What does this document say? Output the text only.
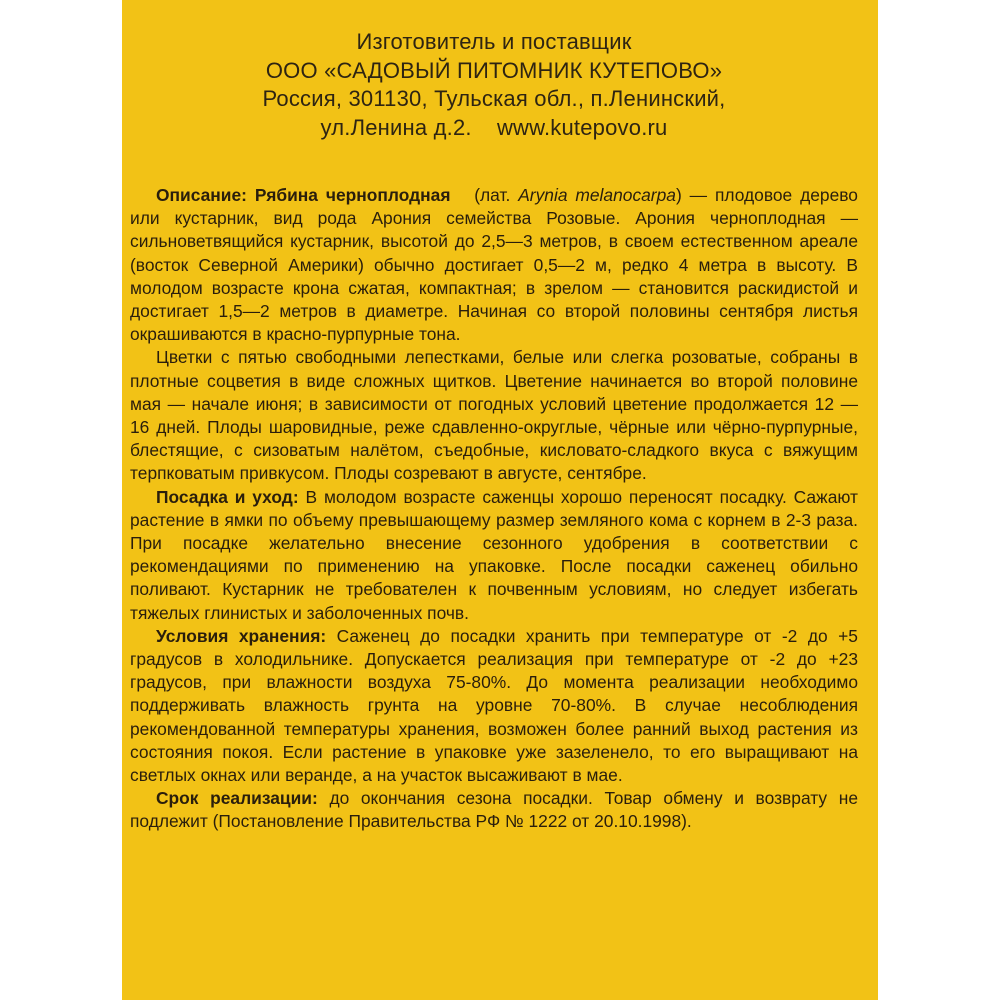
Изготовитель и поставщик
ООО «САДОВЫЙ ПИТОМНИК КУТЕПОВО»
Россия, 301130, Тульская обл., п.Ленинский,
ул.Ленина д.2. www.kutepovo.ru

Описание: Рябина черноплодная (лат. Arynia melanocarpa) — плодовое дерево или кустарник, вид рода Арония семейства Розовые. Арония черноплодная — сильноветвящийся кустарник, высотой до 2,5—3 метров, в своем естественном ареале (восток Северной Америки) обычно достигает 0,5—2 м, редко 4 метра в высоту. В молодом возрасте крона сжатая, компактная; в зрелом — становится раскидистой и достигает 1,5—2 метров в диаметре. Начиная со второй половины сентября листья окрашиваются в красно-пурпурные тона.

Цветки с пятью свободными лепестками, белые или слегка розоватые, собраны в плотные соцветия в виде сложных щитков. Цветение начинается во второй половине мая — начале июня; в зависимости от погодных условий цветение продолжается 12 — 16 дней. Плоды шаровидные, реже сдавленно-округлые, чёрные или чёрно-пурпурные, блестящие, с сизоватым налётом, съедобные, кисловато-сладкого вкуса с вяжущим терпковатым привкусом. Плоды созревают в августе, сентябре.

Посадка и уход: В молодом возрасте саженцы хорошо переносят посадку. Сажают растение в ямки по объему превышающему размер земляного кома с корнем в 2-3 раза. При посадке желательно внесение сезонного удобрения в соответствии с рекомендациями по применению на упаковке. После посадки саженец обильно поливают. Кустарник не требователен к почвенным условиям, но следует избегать тяжелых глинистых и заболоченных почв.

Условия хранения: Саженец до посадки хранить при температуре от -2 до +5 градусов в холодильнике. Допускается реализация при температуре от -2 до +23 градусов, при влажности воздуха 75-80%. До момента реализации необходимо поддерживать влажность грунта на уровне 70-80%. В случае несоблюдения рекомендованной температуры хранения, возможен более ранний выход растения из состояния покоя. Если растение в упаковке уже зазеленело, то его выращивают на светлых окнах или веранде, а на участок высаживают в мае.

Срок реализации: до окончания сезона посадки. Товар обмену и возврату не подлежит (Постановление Правительства РФ № 1222 от 20.10.1998).
